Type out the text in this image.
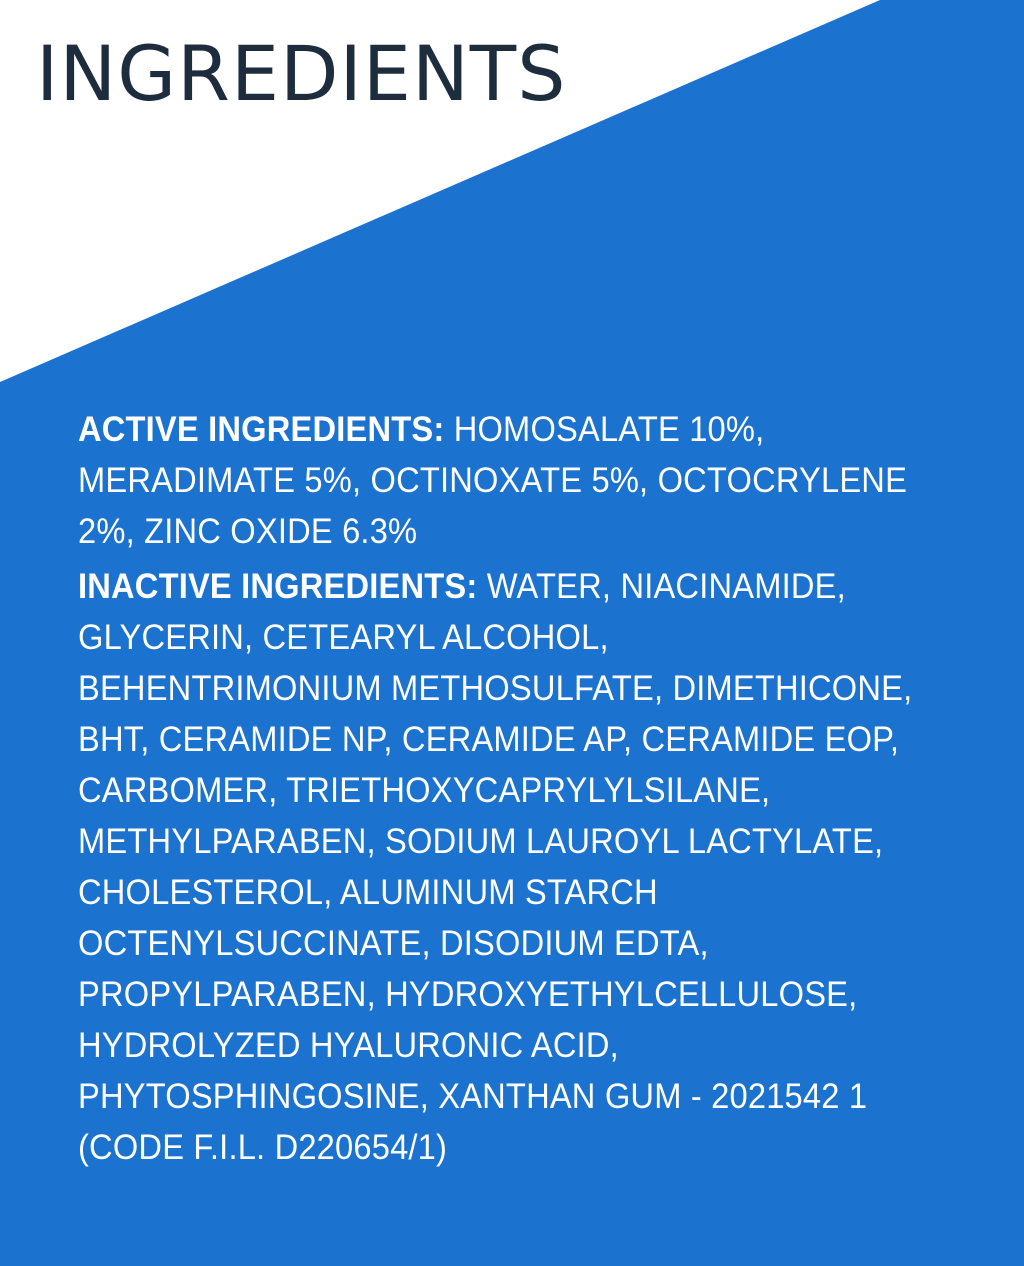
INGREDIENTS

ACTIVE INGREDIENTS: HOMOSALATE 10%, MERADIMATE 5%, OCTINOXATE 5%, OCTOCRYLENE 2%, ZINC OXIDE 6.3%

INACTIVE INGREDIENTS: WATER, NIACINAMIDE, GLYCERIN, CETEARYL ALCOHOL, BEHENTRIMONIUM METHOSULFATE, DIMETHICONE, BHT, CERAMIDE NP, CERAMIDE AP, CERAMIDE EOP, CARBOMER, TRIETHOXYCAPRYLYLSILANE, METHYLPARABEN, SODIUM LAUROYL LACTYLATE, CHOLESTEROL, ALUMINUM STARCH OCTENYLSUCCINATE, DISODIUM EDTA, PROPYLPARABEN, HYDROXYETHYLCELLULOSE, HYDROLYZED HYALURONIC ACID, PHYTOSPHINGOSINE, XANTHAN GUM - 2021542 1 (CODE F.I.L. D220654/1)
